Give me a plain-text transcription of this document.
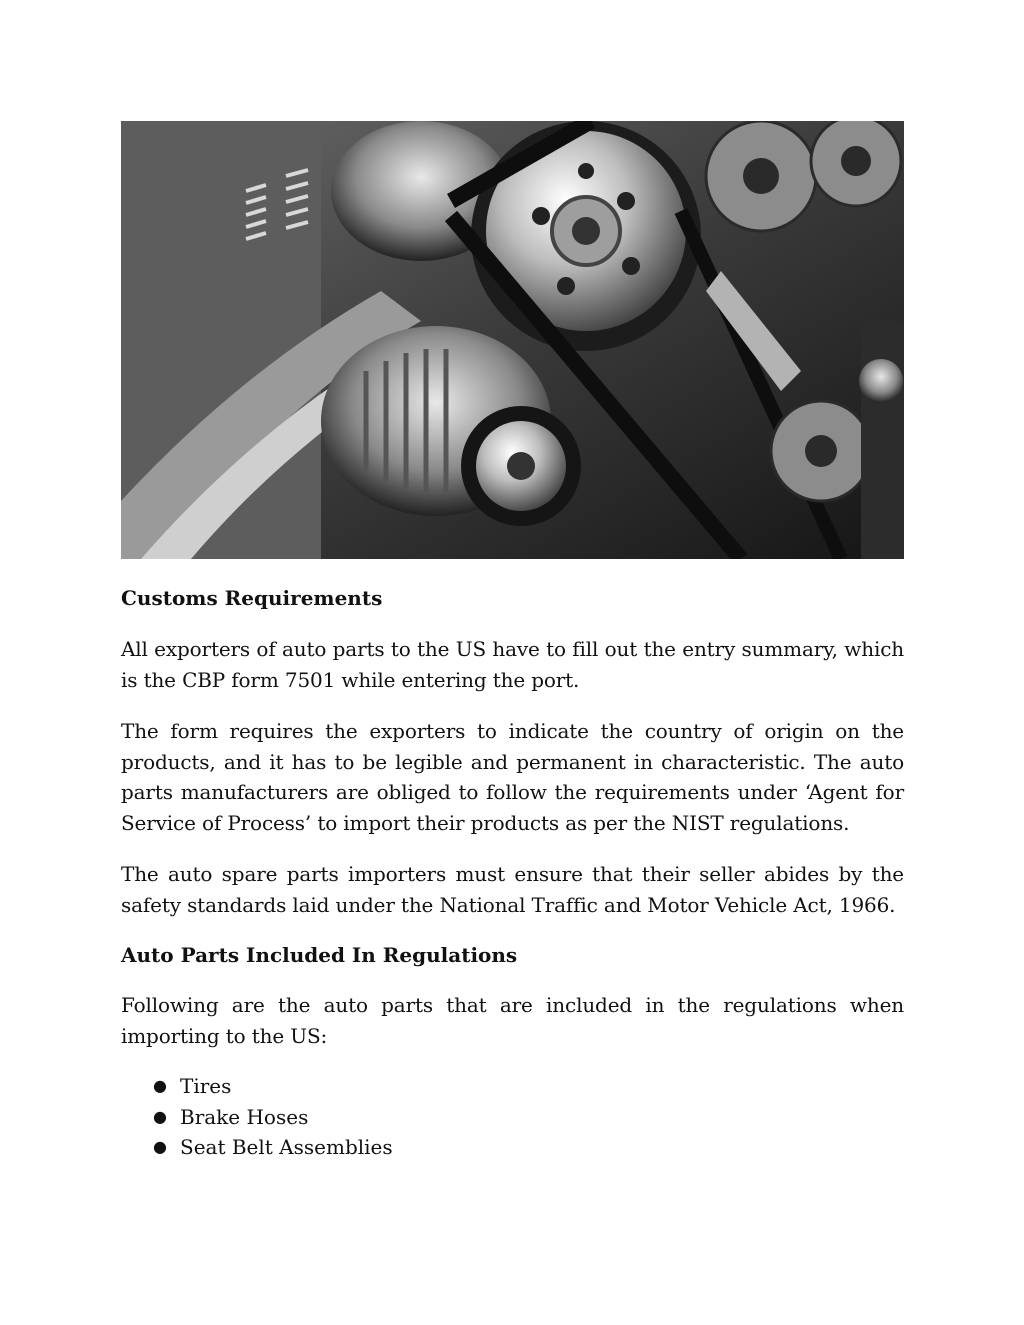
Customs Requirements

All exporters of auto parts to the US have to fill out the entry summary, which is the CBP form 7501 while entering the port.

The form requires the exporters to indicate the country of origin on the products, and it has to be legible and permanent in characteristic. The auto parts manufacturers are obliged to follow the requirements under ‘Agent for Service of Process’ to import their products as per the NIST regulations.

The auto spare parts importers must ensure that their seller abides by the safety standards laid under the National Traffic and Motor Vehicle Act, 1966.

Auto Parts Included In Regulations

Following are the auto parts that are included in the regulations when importing to the US:

● Tires
● Brake Hoses
● Seat Belt Assemblies
